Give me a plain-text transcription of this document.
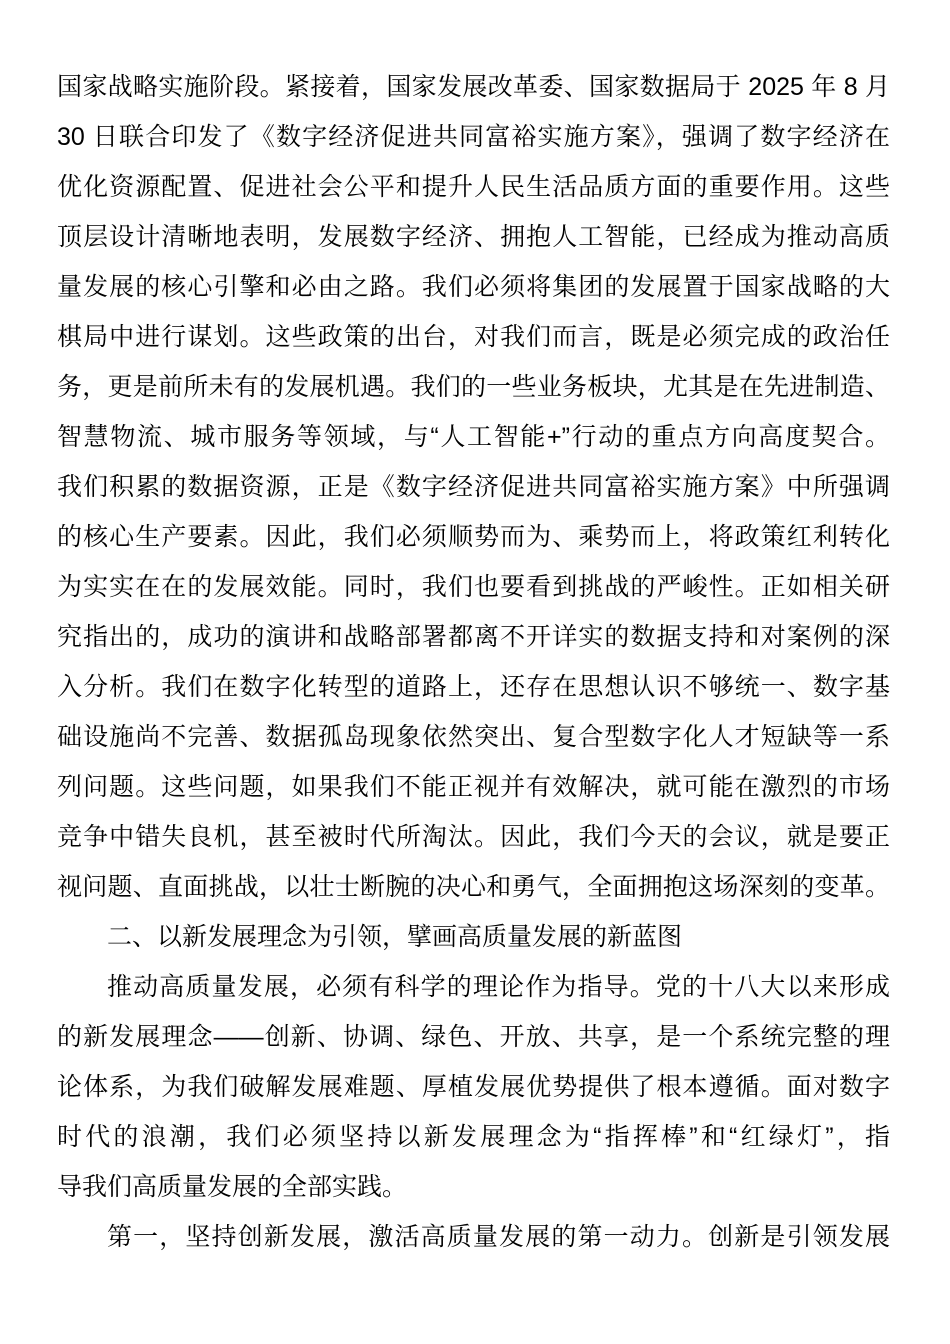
国家战略实施阶段。紧接着，国家发展改革委、国家数据局于 2025 年 8 月
30 日联合印发了《数字经济促进共同富裕实施方案》，强调了数字经济在
优化资源配置、促进社会公平和提升人民生活品质方面的重要作用。这些
顶层设计清晰地表明，发展数字经济、拥抱人工智能，已经成为推动高质
量发展的核心引擎和必由之路。我们必须将集团的发展置于国家战略的大
棋局中进行谋划。这些政策的出台，对我们而言，既是必须完成的政治任
务，更是前所未有的发展机遇。我们的一些业务板块，尤其是在先进制造、
智慧物流、城市服务等领域，与“人工智能+”行动的重点方向高度契合。
我们积累的数据资源，正是《数字经济促进共同富裕实施方案》中所强调
的核心生产要素。因此，我们必须顺势而为、乘势而上，将政策红利转化
为实实在在的发展效能。同时，我们也要看到挑战的严峻性。正如相关研
究指出的，成功的演讲和战略部署都离不开详实的数据支持和对案例的深
入分析。我们在数字化转型的道路上，还存在思想认识不够统一、数字基
础设施尚不完善、数据孤岛现象依然突出、复合型数字化人才短缺等一系
列问题。这些问题，如果我们不能正视并有效解决，就可能在激烈的市场
竞争中错失良机，甚至被时代所淘汰。因此，我们今天的会议，就是要正
视问题、直面挑战，以壮士断腕的决心和勇气，全面拥抱这场深刻的变革。
二、以新发展理念为引领，擘画高质量发展的新蓝图
推动高质量发展，必须有科学的理论作为指导。党的十八大以来形成
的新发展理念——创新、协调、绿色、开放、共享，是一个系统完整的理
论体系，为我们破解发展难题、厚植发展优势提供了根本遵循。面对数字
时代的浪潮，我们必须坚持以新发展理念为“指挥棒”和“红绿灯”，指
导我们高质量发展的全部实践。
第一，坚持创新发展，激活高质量发展的第一动力。创新是引领发展
